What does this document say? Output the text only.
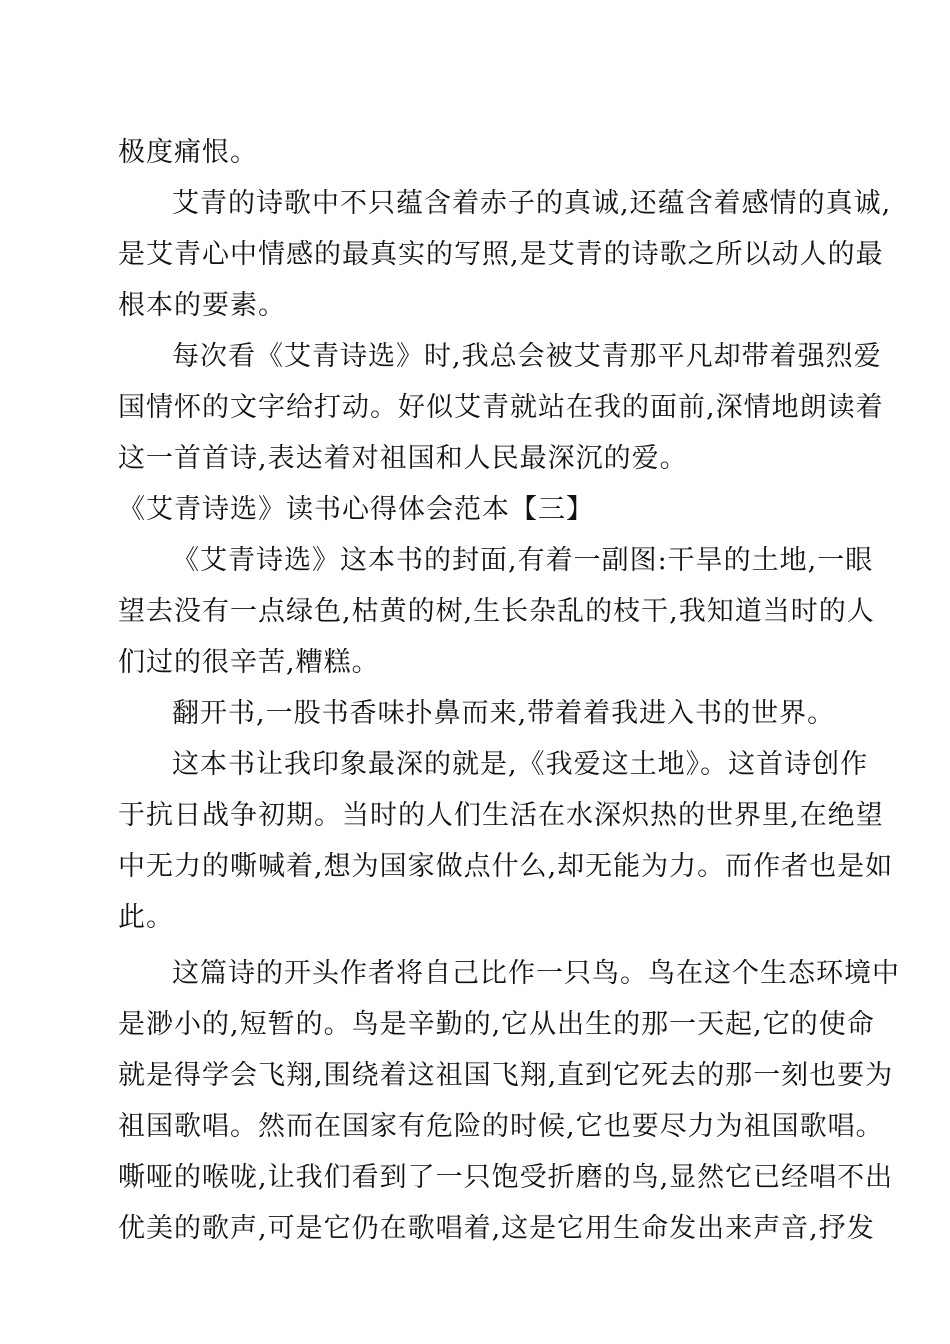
极度痛恨。
艾青的诗歌中不只蕴含着赤子的真诚,还蕴含着感情的真诚,
是艾青心中情感的最真实的写照,是艾青的诗歌之所以动人的最
根本的要素。
每次看《艾青诗选》时,我总会被艾青那平凡却带着强烈爱
国情怀的文字给打动。好似艾青就站在我的面前,深情地朗读着
这一首首诗,表达着对祖国和人民最深沉的爱。
《艾青诗选》读书心得体会范本【三】
《艾青诗选》这本书的封面,有着一副图:干旱的土地,一眼
望去没有一点绿色,枯黄的树,生长杂乱的枝干,我知道当时的人
们过的很辛苦,糟糕。
翻开书,一股书香味扑鼻而来,带着着我进入书的世界。
这本书让我印象最深的就是,《我爱这土地》。这首诗创作
于抗日战争初期。当时的人们生活在水深炽热的世界里,在绝望
中无力的嘶喊着,想为国家做点什么,却无能为力。而作者也是如
此。
这篇诗的开头作者将自己比作一只鸟。鸟在这个生态环境中
是渺小的,短暂的。鸟是辛勤的,它从出生的那一天起,它的使命
就是得学会飞翔,围绕着这祖国飞翔,直到它死去的那一刻也要为
祖国歌唱。然而在国家有危险的时候,它也要尽力为祖国歌唱。
嘶哑的喉咙,让我们看到了一只饱受折磨的鸟,显然它已经唱不出
优美的歌声,可是它仍在歌唱着,这是它用生命发出来声音,抒发
